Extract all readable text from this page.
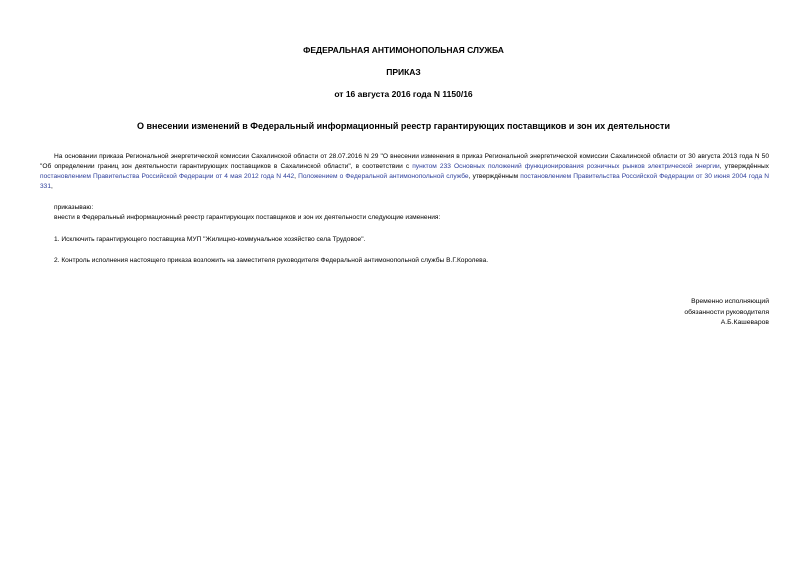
ФЕДЕРАЛЬНАЯ АНТИМОНОПОЛЬНАЯ СЛУЖБА
ПРИКАЗ
от 16 августа 2016 года N 1150/16
О внесении изменений в Федеральный информационный реестр гарантирующих поставщиков и зон их деятельности

На основании приказа Региональной энергетической комиссии Сахалинской области от 28.07.2016 N 29 "О внесении изменения в приказ Региональной энергетической комиссии Сахалинской области от 30 августа 2013 года N 50 "Об определении границ зон деятельности гарантирующих поставщиков в Сахалинской области", в соответствии с пунктом 233 Основных положений функционирования розничных рынков электрической энергии, утверждённых постановлением Правительства Российской Федерации от 4 мая 2012 года N 442, Положением о Федеральной антимонопольной службе, утверждённым постановлением Правительства Российской Федерации от 30 июня 2004 года N 331,

приказываю:
внести в Федеральный информационный реестр гарантирующих поставщиков и зон их деятельности следующие изменения:
1. Исключить гарантирующего поставщика МУП "Жилищно-коммунальное хозяйство села Трудовое".
2. Контроль исполнения настоящего приказа возложить на заместителя руководителя Федеральной антимонопольной службы В.Г.Королева.
Временно исполняющий
обязанности руководителя
А.Б.Кашеваров
